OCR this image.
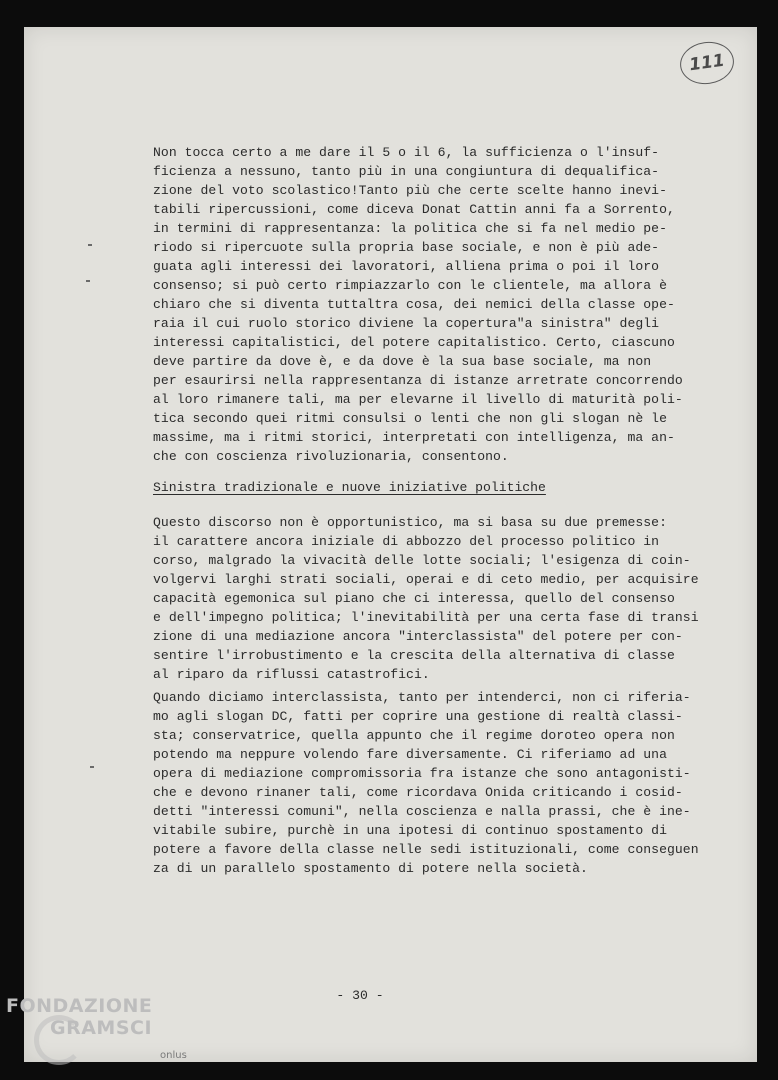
111
Non tocca certo a me dare il 5 o il 6, la sufficienza o l'insuf-
ficienza a nessuno, tanto più in una congiuntura di dequalifica-
zione del voto scolastico!Tanto più che certe scelte hanno inevi-
tabili ripercussioni, come diceva Donat Cattin anni fa a Sorrento,
in termini di rappresentanza: la politica che si fa nel medio pe-
riodo si ripercuote sulla propria base sociale, e non è più ade-
guata agli interessi dei lavoratori, alliena prima o poi il loro
consenso; si può certo rimpiazzarlo con le clientele, ma allora è
chiaro che si diventa tuttaltra cosa, dei nemici della classe ope-
raia il cui ruolo storico diviene la copertura"a sinistra" degli
interessi capitalistici, del potere capitalistico. Certo, ciascuno
deve partire da dove è, e da dove è la sua base sociale, ma non
per esaurirsi nella rappresentanza di istanze arretrate concorrendo
al loro rimanere tali, ma per elevarne il livello di maturità poli-
tica secondo quei ritmi consulsi o lenti che non gli slogan nè le
massime, ma i ritmi storici, interpretati con intelligenza, ma an-
che con coscienza rivoluzionaria, consentono.
Sinistra tradizionale e nuove iniziative politiche
Questo discorso non è opportunistico, ma si basa su due premesse:
il carattere ancora iniziale di abbozzo del processo politico in
corso, malgrado la vivacità delle lotte sociali; l'esigenza di coin-
volgervi larghi strati sociali, operai e di ceto medio, per acquisire
capacità egemonica sul piano che ci interessa, quello del consenso
e dell'impegno politica; l'inevitabilità per una certa fase di transi
zione di una mediazione ancora "interclassista" del potere per con-
sentire l'irrobustimento e la crescita della alternativa di classe
al riparo da riflussi catastrofici.
Quando diciamo interclassista, tanto per intenderci, non ci riferia-
mo agli slogan DC, fatti per coprire una gestione di realtà classi-
sta; conservatrice, quella appunto che il regime doroteo opera non
potendo ma neppure volendo fare diversamente. Ci riferiamo ad una
opera di mediazione compromissoria fra istanze che sono antagonisti-
che e devono rinaner tali, come ricordava Onida criticando i cosid-
detti "interessi comuni", nella coscienza e nalla prassi, che è ine-
vitabile subire, purchè in una ipotesi di continuo spostamento di
potere a favore della classe nelle sedi istituzionali, come conseguen
za di un parallelo spostamento di potere nella società.
- 30 -
FONDAZIONE
GRAMSCI
onlus
